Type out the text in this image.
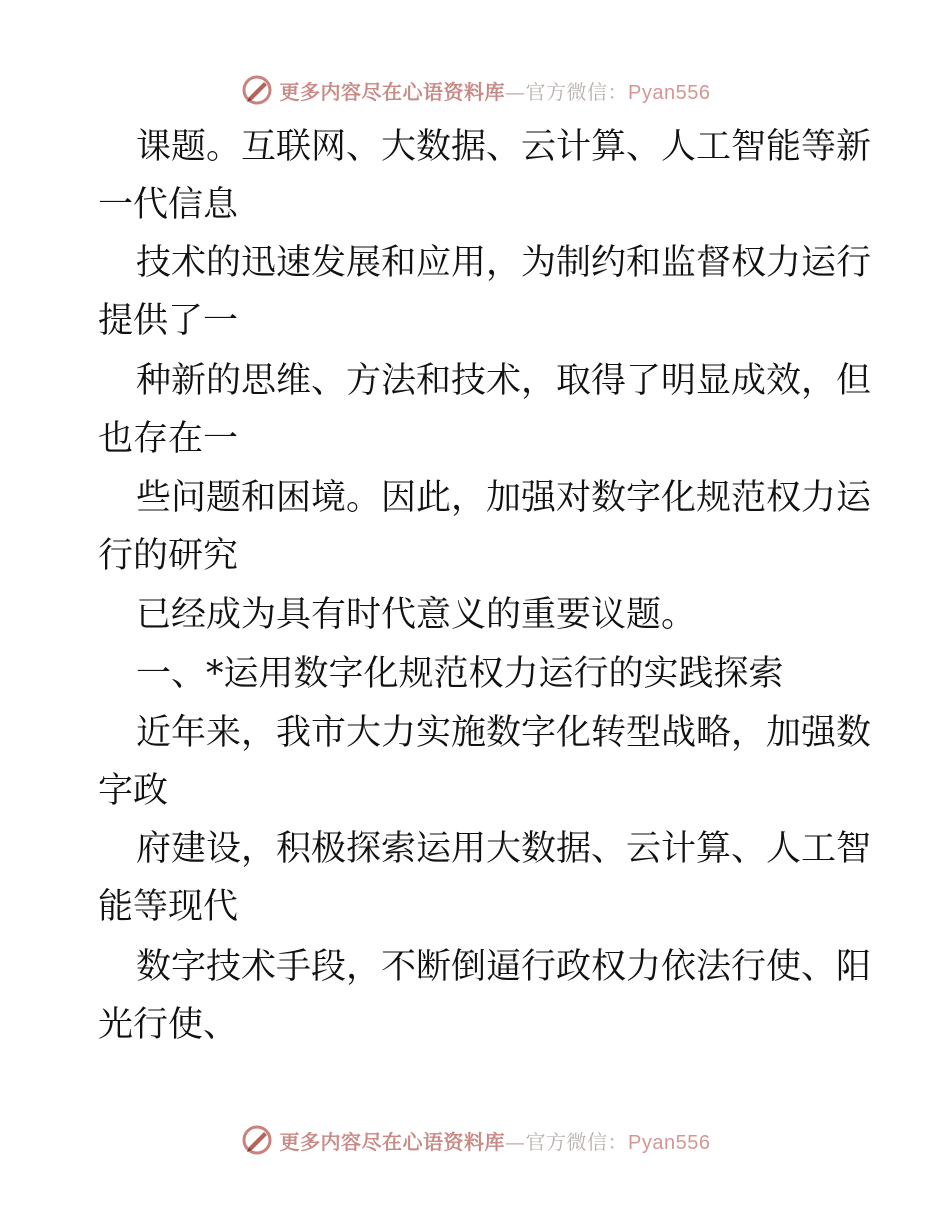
更多内容尽在心语资料库—官方微信：Pyan556
课题。互联网、大数据、云计算、人工智能等新
一代信息
技术的迅速发展和应用，为制约和监督权力运行
提供了一
种新的思维、方法和技术，取得了明显成效，但
也存在一
些问题和困境。因此，加强对数字化规范权力运
行的研究
已经成为具有时代意义的重要议题。
一、*运用数字化规范权力运行的实践探索
近年来，我市大力实施数字化转型战略，加强数
字政
府建设，积极探索运用大数据、云计算、人工智
能等现代
数字技术手段，不断倒逼行政权力依法行使、阳
光行使、
更多内容尽在心语资料库—官方微信：Pyan556
